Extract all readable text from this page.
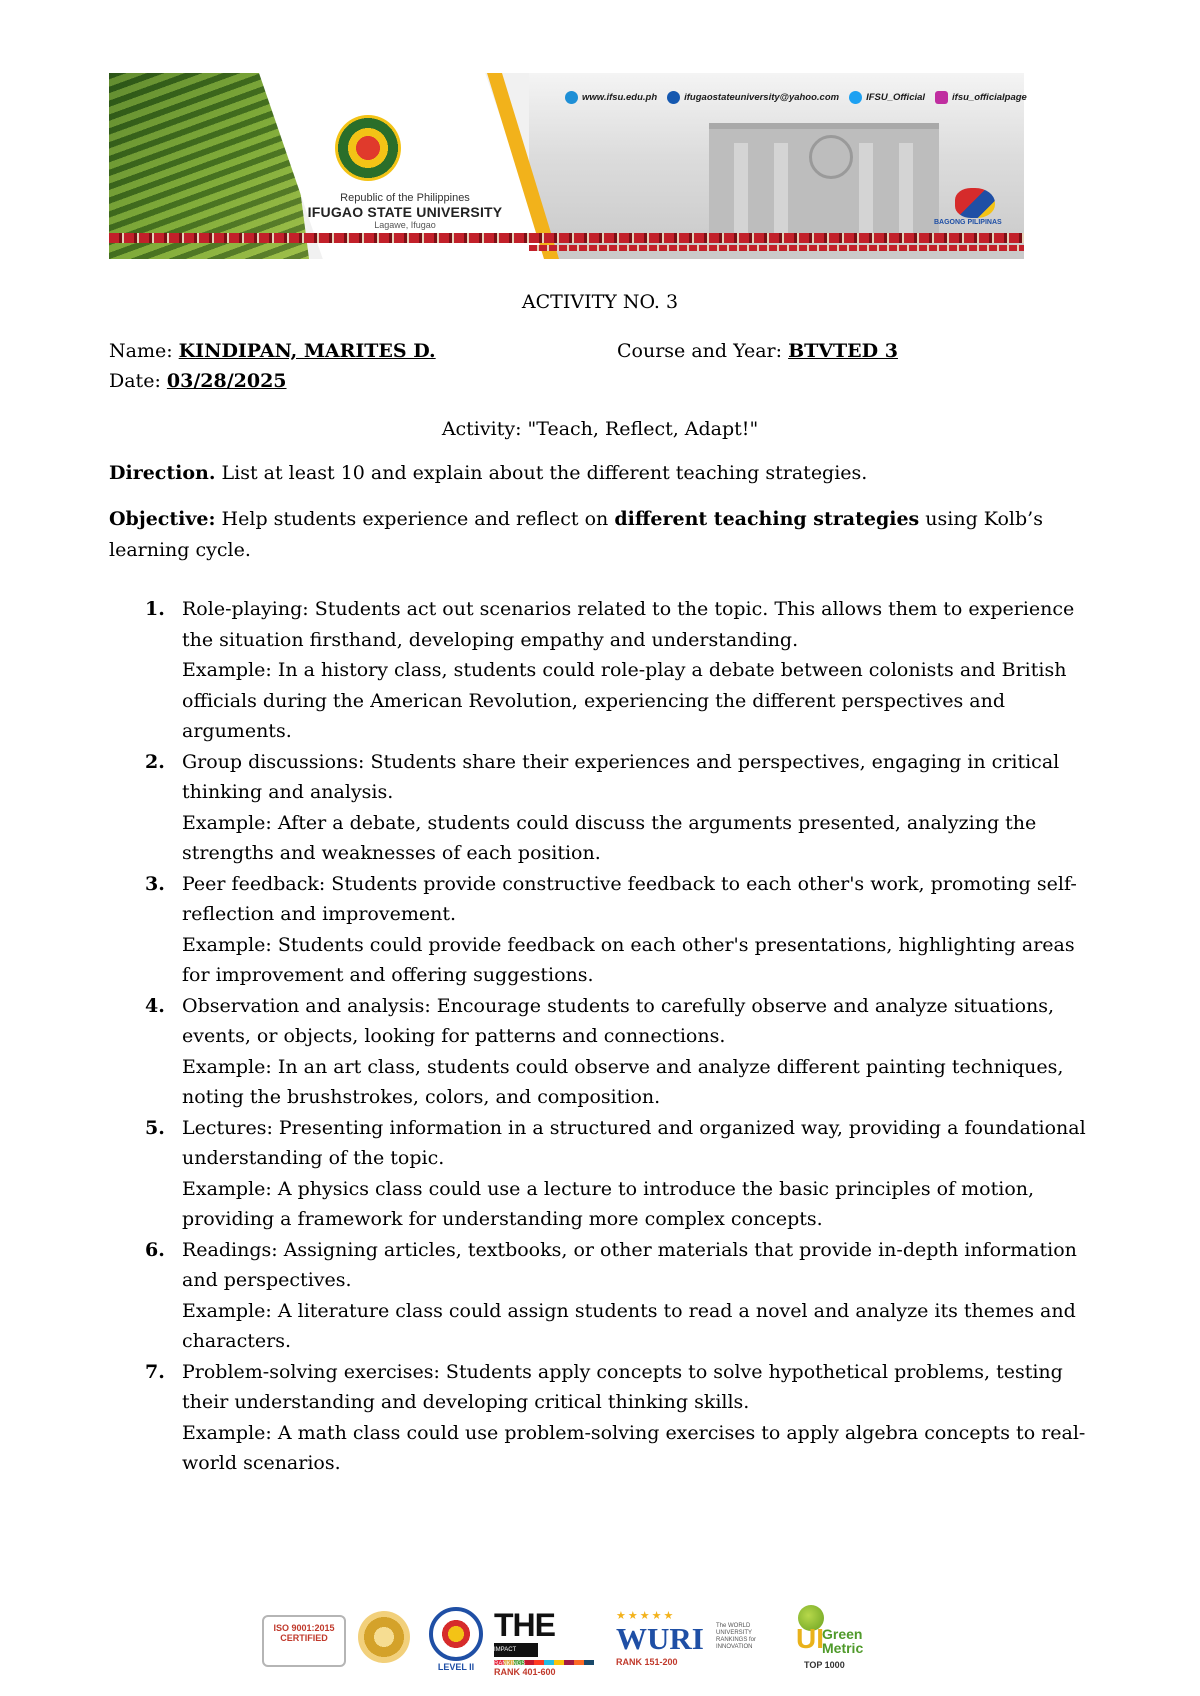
Republic of the Philippines
IFUGAO STATE UNIVERSITY
Lagawe, Ifugao
www.ifsu.edu.ph	ifugaostateuniversity@yahoo.com	IFSU_Official	ifsu_officialpage
BAGONG PILIPINAS
ACTIVITY NO. 3
Name: KINDIPAN, MARITES D.	Course and Year: BTVTED 3
Date: 03/28/2025
Activity: "Teach, Reflect, Adapt!"
Direction. List at least 10 and explain about the different teaching strategies.
Objective: Help students experience and reflect on different teaching strategies using Kolb’s learning cycle.
1. Role-playing: Students act out scenarios related to the topic. This allows them to experience the situation firsthand, developing empathy and understanding.
Example: In a history class, students could role-play a debate between colonists and British officials during the American Revolution, experiencing the different perspectives and arguments.
2. Group discussions: Students share their experiences and perspectives, engaging in critical thinking and analysis.
Example: After a debate, students could discuss the arguments presented, analyzing the strengths and weaknesses of each position.
3. Peer feedback: Students provide constructive feedback to each other's work, promoting self-reflection and improvement.
Example: Students could provide feedback on each other's presentations, highlighting areas for improvement and offering suggestions.
4. Observation and analysis: Encourage students to carefully observe and analyze situations, events, or objects, looking for patterns and connections.
Example: In an art class, students could observe and analyze different painting techniques, noting the brushstrokes, colors, and composition.
5. Lectures: Presenting information in a structured and organized way, providing a foundational understanding of the topic.
Example: A physics class could use a lecture to introduce the basic principles of motion, providing a framework for understanding more complex concepts.
6. Readings: Assigning articles, textbooks, or other materials that provide in-depth information and perspectives.
Example: A literature class could assign students to read a novel and analyze its themes and characters.
7. Problem-solving exercises: Students apply concepts to solve hypothetical problems, testing their understanding and developing critical thinking skills.
Example: A math class could use problem-solving exercises to apply algebra concepts to real-world scenarios.
ISO 9001:2015 CERTIFIED
LEVEL II
THE
IMPACT RANKINGS
RANK 401-600
★★★★★
WURI	The WORLD UNIVERSITY RANKINGS for INNOVATION
RANK 151-200
UI
Green Metric
TOP 1000
